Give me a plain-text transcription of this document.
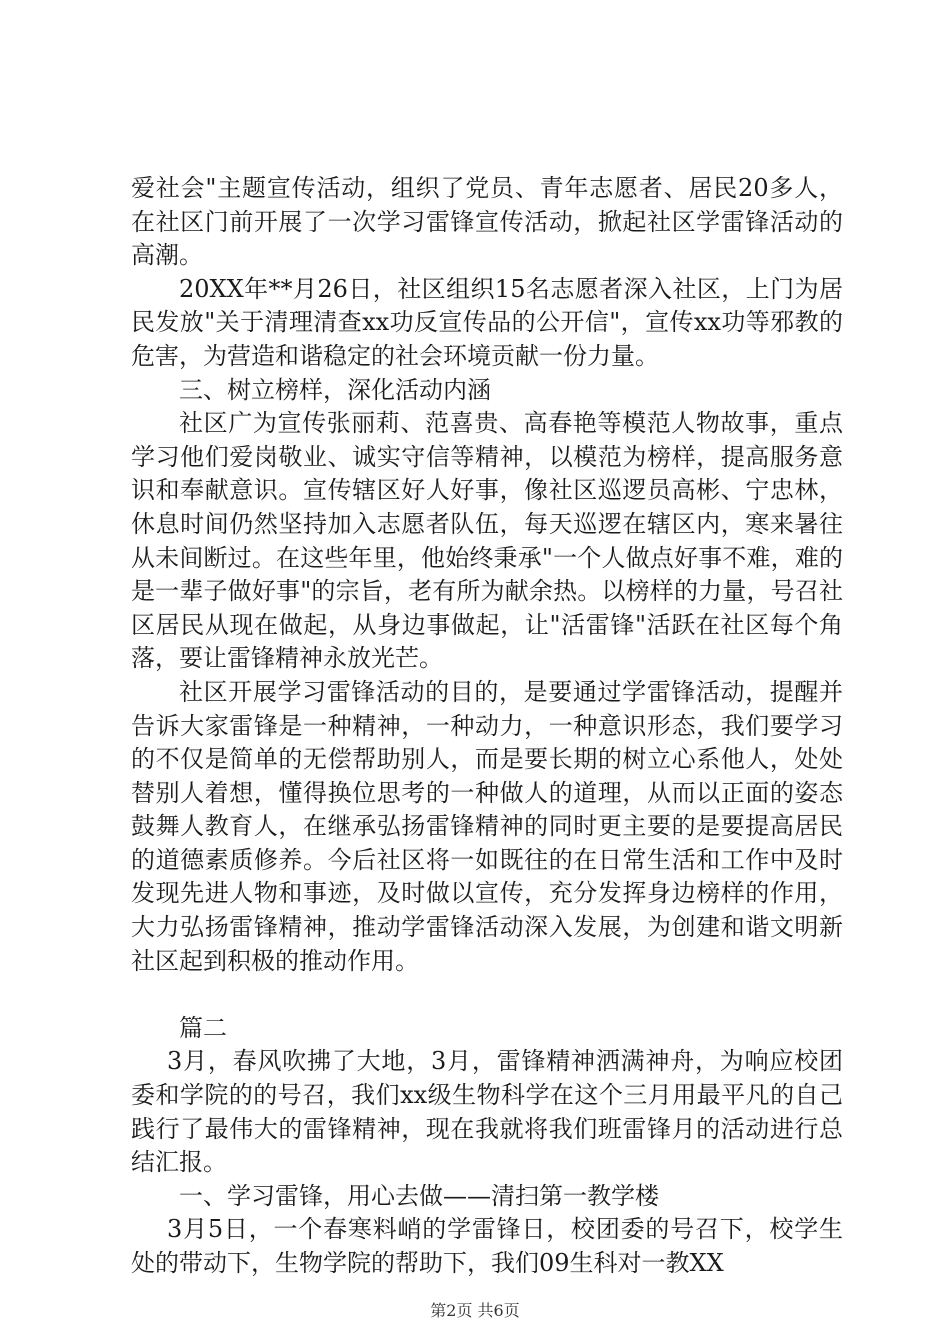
爱社会"主题宣传活动，组织了党员、青年志愿者、居民20多人，在社区门前开展了一次学习雷锋宣传活动，掀起社区学雷锋活动的高潮。

20XX年**月26日，社区组织15名志愿者深入社区，上门为居民发放"关于清理清查xx功反宣传品的公开信"，宣传xx功等邪教的危害，为营造和谐稳定的社会环境贡献一份力量。

三、树立榜样，深化活动内涵

社区广为宣传张丽莉、范喜贵、高春艳等模范人物故事，重点学习他们爱岗敬业、诚实守信等精神，以模范为榜样，提高服务意识和奉献意识。宣传辖区好人好事，像社区巡逻员高彬、宁忠林，休息时间仍然坚持加入志愿者队伍，每天巡逻在辖区内，寒来暑往从未间断过。在这些年里，他始终秉承"一个人做点好事不难，难的是一辈子做好事"的宗旨，老有所为献余热。以榜样的力量，号召社区居民从现在做起，从身边事做起，让"活雷锋"活跃在社区每个角落，要让雷锋精神永放光芒。

社区开展学习雷锋活动的目的，是要通过学雷锋活动，提醒并告诉大家雷锋是一种精神，一种动力，一种意识形态，我们要学习的不仅是简单的无偿帮助别人，而是要长期的树立心系他人，处处替别人着想，懂得换位思考的一种做人的道理，从而以正面的姿态鼓舞人教育人，在继承弘扬雷锋精神的同时更主要的是要提高居民的道德素质修养。今后社区将一如既往的在日常生活和工作中及时发现先进人物和事迹，及时做以宣传，充分发挥身边榜样的作用，大力弘扬雷锋精神，推动学雷锋活动深入发展，为创建和谐文明新社区起到积极的推动作用。

篇二

3月，春风吹拂了大地，3月，雷锋精神洒满神舟，为响应校团委和学院的的号召，我们xx级生物科学在这个三月用最平凡的自己践行了最伟大的雷锋精神，现在我就将我们班雷锋月的活动进行总结汇报。

一、学习雷锋，用心去做——清扫第一教学楼

3月5日，一个春寒料峭的学雷锋日，校团委的号召下，校学生处的带动下，生物学院的帮助下，我们09生科对一教XX

第2页 共6页
